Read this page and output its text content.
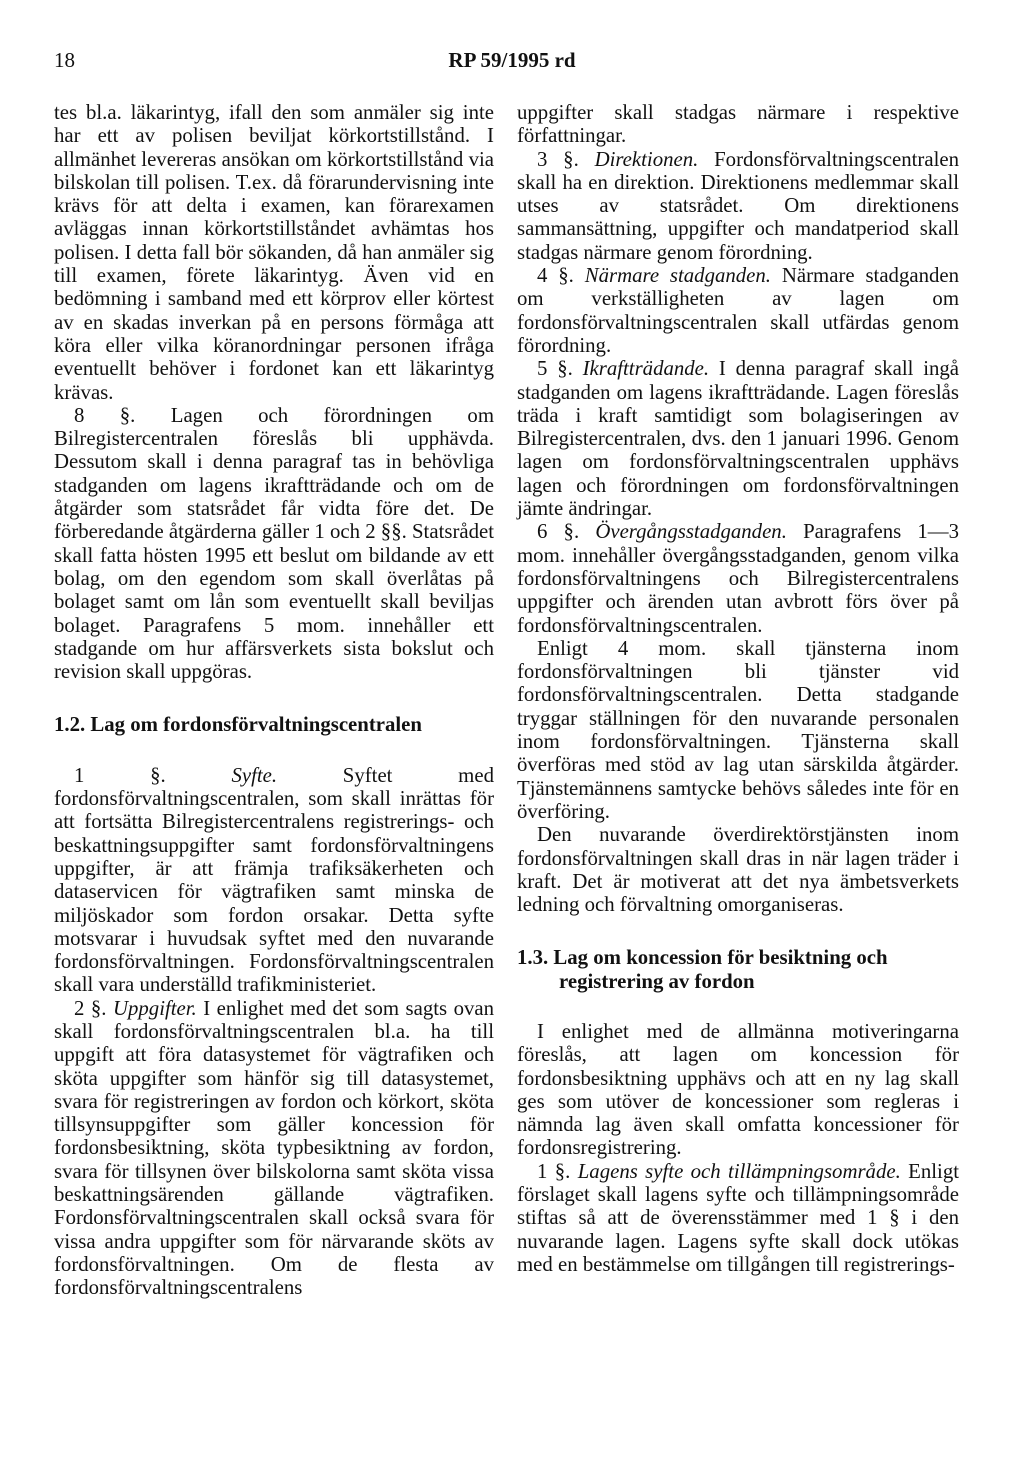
18	RP 59/1995 rd

tes bl.a. läkarintyg, ifall den som anmäler sig inte har ett av polisen beviljat körkortstillstånd. I allmänhet levereras ansökan om körkortstillstånd via bilskolan till polisen. T.ex. då förarundervisning inte krävs för att delta i examen, kan förarexamen avläggas innan körkortstillståndet avhämtas hos polisen. I detta fall bör sökanden, då han anmäler sig till examen, förete läkarintyg. Även vid en bedömning i samband med ett körprov eller körtest av en skadas inverkan på en persons förmåga att köra eller vilka köranordningar personen ifråga eventuellt behöver i fordonet kan ett läkarintyg krävas.

8 §. Lagen och förordningen om Bilregistercentralen föreslås bli upphävda. Dessutom skall i denna paragraf tas in behövliga stadganden om lagens ikraftträdande och om de åtgärder som statsrådet får vidta före det. De förberedande åtgärderna gäller 1 och 2 §§. Statsrådet skall fatta hösten 1995 ett beslut om bildande av ett bolag, om den egendom som skall överlåtas på bolaget samt om lån som eventuellt skall beviljas bolaget. Paragrafens 5 mom. innehåller ett stadgande om hur affärsverkets sista bokslut och revision skall uppgöras.

1.2. Lag om fordonsförvaltningscentralen

1 §.	Syfte.	Syftet med fordonsförvaltningscentralen, som skall inrättas för att fortsätta Bilregistercentralens registrerings- och beskattningsuppgifter samt fordonsförvaltningens uppgifter, är att främja trafiksäkerheten och dataservicen för vägtrafiken samt minska de miljöskador som fordon orsakar. Detta syfte motsvarar i huvudsak syftet med den nuvarande fordonsförvaltningen. Fordonsförvaltningscentralen skall vara underställd trafikministeriet.

2 §. Uppgifter. I enlighet med det som sagts ovan skall fordonsförvaltningscentralen bl.a. ha till uppgift att föra datasystemet för vägtrafiken och sköta uppgifter som hänför sig till datasystemet, svara för registreringen av fordon och körkort, sköta tillsynsuppgifter som gäller koncession för fordonsbesiktning, sköta typbesiktning av fordon, svara för tillsynen över bilskolorna samt sköta vissa beskattningsärenden gällande vägtrafiken. Fordonsförvaltningscentralen skall också svara för vissa andra uppgifter som för närvarande sköts av fordonsförvaltningen. Om de flesta av fordonsförvaltningscentralens

uppgifter skall stadgas närmare i respektive författningar.

3 §. Direktionen. Fordonsförvaltningscentralen skall ha en direktion. Direktionens medlemmar skall utses av statsrådet. Om direktionens sammansättning, uppgifter och mandatperiod skall stadgas närmare genom förordning.

4 §. Närmare stadganden. Närmare stadganden om verkställigheten av lagen om fordonsförvaltningscentralen skall utfärdas genom förordning.

5 §. Ikraftträdande. I denna paragraf skall ingå stadganden om lagens ikraftträdande. Lagen föreslås träda i kraft samtidigt som bolagiseringen av Bilregistercentralen, dvs. den 1 januari 1996. Genom lagen om fordonsförvaltningscentralen upphävs lagen och förordningen om fordonsförvaltningen jämte ändringar.

6 §. Övergångsstadganden. Paragrafens 1—3 mom. innehåller övergångsstadganden, genom vilka fordonsförvaltningens och Bilregistercentralens uppgifter och ärenden utan avbrott förs över på fordonsförvaltningscentralen.

Enligt 4 mom. skall tjänsterna inom fordonsförvaltningen bli tjänster vid fordonsförvaltningscentralen. Detta stadgande tryggar ställningen för den nuvarande personalen inom fordonsförvaltningen. Tjänsterna skall överföras med stöd av lag utan särskilda åtgärder. Tjänstemännens samtycke behövs således inte för en överföring.

Den nuvarande överdirektörstjänsten inom fordonsförvaltningen skall dras in när lagen träder i kraft. Det är motiverat att det nya ämbetsverkets ledning och förvaltning omorganiseras.

1.3. Lag om koncession för besiktning och registrering av fordon

I enlighet med de allmänna motiveringarna föreslås, att lagen om koncession för fordonsbesiktning upphävs och att en ny lag skall ges som utöver de koncessioner som regleras i nämnda lag även skall omfatta koncessioner för fordonsregistrering.

1 §. Lagens syfte och tillämpningsområde. Enligt förslaget skall lagens syfte och tillämpningsområde stiftas så att de överensstämmer med 1 § i den nuvarande lagen. Lagens syfte skall dock utökas med en bestämmelse om tillgången till registrerings-
